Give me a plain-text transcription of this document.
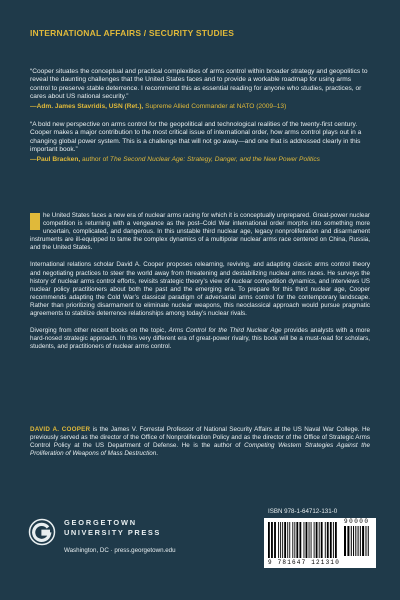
INTERNATIONAL AFFAIRS / SECURITY STUDIES
“Cooper situates the conceptual and practical complexities of arms control within broader strategy and geopolitics to reveal the daunting challenges that the United States faces and to provide a workable roadmap for using arms control to preserve stable deterrence. I recommend this as essential reading for anyone who studies, practices, or cares about US national security.”
—Adm. James Stavridis, USN (Ret.), Supreme Allied Commander at NATO (2009–13)
“A bold new perspective on arms control for the geopolitical and technological realities of the twenty-first century. Cooper makes a major contribution to the most critical issue of international order, how arms control plays out in a changing global power system. This is a challenge that will not go away—and one that is addressed clearly in this important book.”
—Paul Bracken, author of The Second Nuclear Age: Strategy, Danger, and the New Power Politics

he United States faces a new era of nuclear arms racing for which it is conceptually unprepared. Great-power nuclear competition is returning with a vengeance as the post–Cold War international order morphs into something more uncertain, complicated, and dangerous. In this unstable third nuclear age, legacy nonproliferation and disarmament instruments are ill-equipped to tame the complex dynamics of a multipolar nuclear arms race centered on China, Russia, and the United States.

International relations scholar David A. Cooper proposes relearning, reviving, and adapting classic arms control theory and negotiating practices to steer the world away from threatening and destabilizing nuclear arms races. He surveys the history of nuclear arms control efforts, revisits strategic theory’s view of nuclear competition dynamics, and interviews US nuclear policy practitioners about both the past and the emerging era. To prepare for this third nuclear age, Cooper recommends adapting the Cold War’s classical paradigm of adversarial arms control for the contemporary landscape. Rather than prioritizing disarmament to eliminate nuclear weapons, this neoclassical approach would pursue pragmatic agreements to stabilize deterrence relationships among today’s nuclear rivals.

Diverging from other recent books on the topic, Arms Control for the Third Nuclear Age provides analysts with a more hard-nosed strategic approach. In this very different era of great-power rivalry, this book will be a must-read for scholars, students, and practitioners of nuclear arms control.

DAVID A. COOPER is the James V. Forrestal Professor of National Security Affairs at the US Naval War College. He previously served as the director of the Office of Nonproliferation Policy and as the director of the Office of Strategic Arms Control Policy at the US Department of Defense. He is the author of Competing Western Strategies Against the Proliferation of Weapons of Mass Destruction.
GEORGETOWN
UNIVERSITY PRESS
Washington, DC · press.georgetown.edu
ISBN 978-1-64712-131-0
9 781647 121310
90000
